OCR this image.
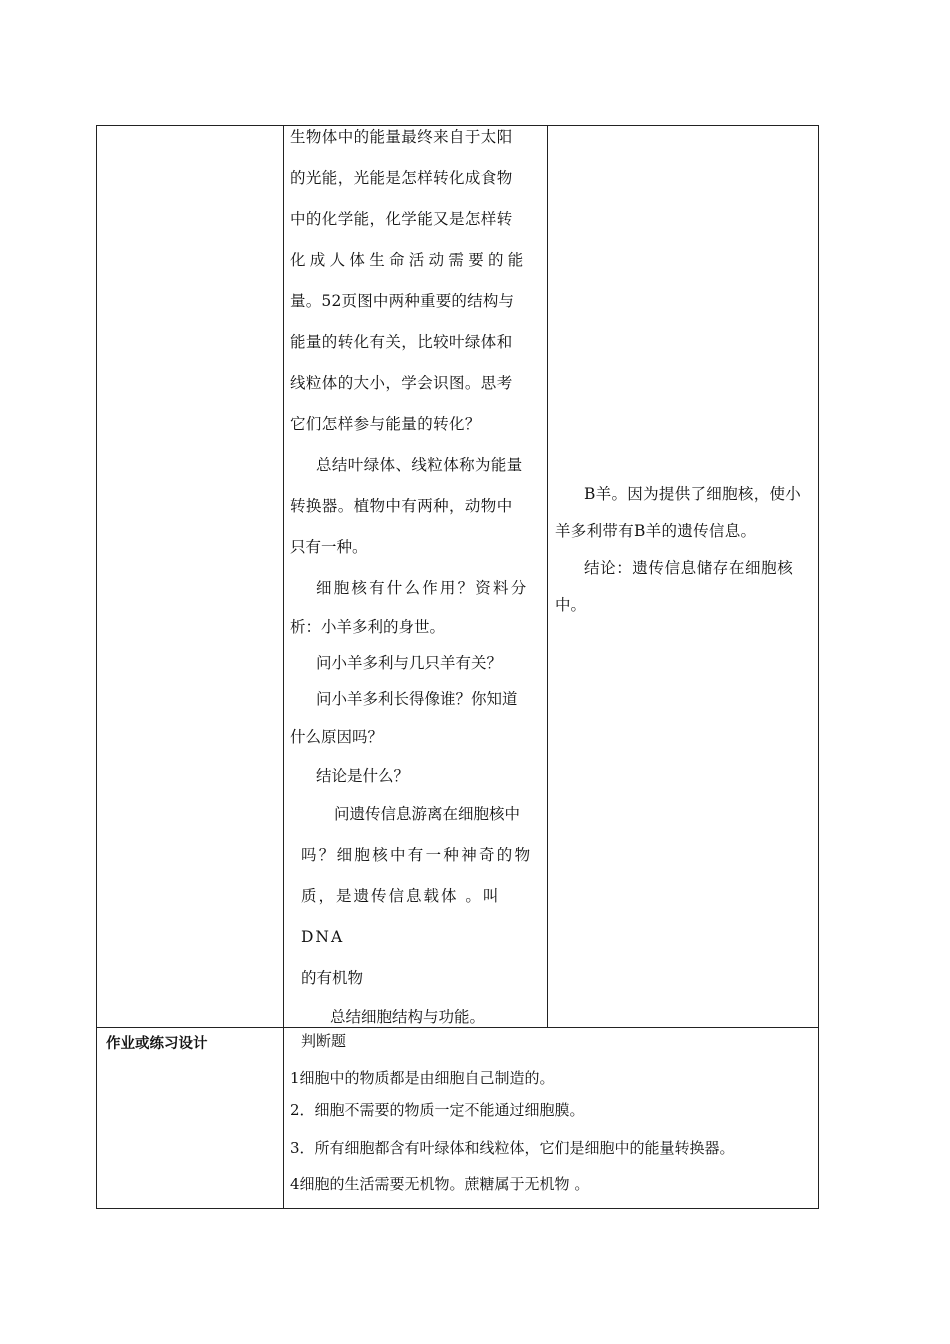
生物体中的能量最终来自于太阳

的光能，光能是怎样转化成食物

中的化学能，化学能又是怎样转

化成人体生命活动需要的能

量。52页图中两种重要的结构与

能量的转化有关，比较叶绿体和

线粒体的大小，学会识图。思考

它们怎样参与能量的转化？

总结叶绿体、线粒体称为能量

转换器。植物中有两种，动物中

只有一种。

细胞核有什么作用？资料分

析：小羊多利的身世。

问小羊多利与几只羊有关？

问小羊多利长得像谁？你知道

什么原因吗？

结论是什么？

问遗传信息游离在细胞核中

吗？细胞核中有一种神奇的物

质，是遗传信息载体 。叫 DNA

的有机物

总结细胞结构与功能。

B羊。因为提供了细胞核，使小

羊多利带有B羊的遗传信息。

结论：遗传信息储存在细胞核

中。

作业或练习设计	判断题

1细胞中的物质都是由细胞自己制造的。

2．细胞不需要的物质一定不能通过细胞膜。

3．所有细胞都含有叶绿体和线粒体，它们是细胞中的能量转换器。

4细胞的生活需要无机物。蔗糖属于无机物 。
